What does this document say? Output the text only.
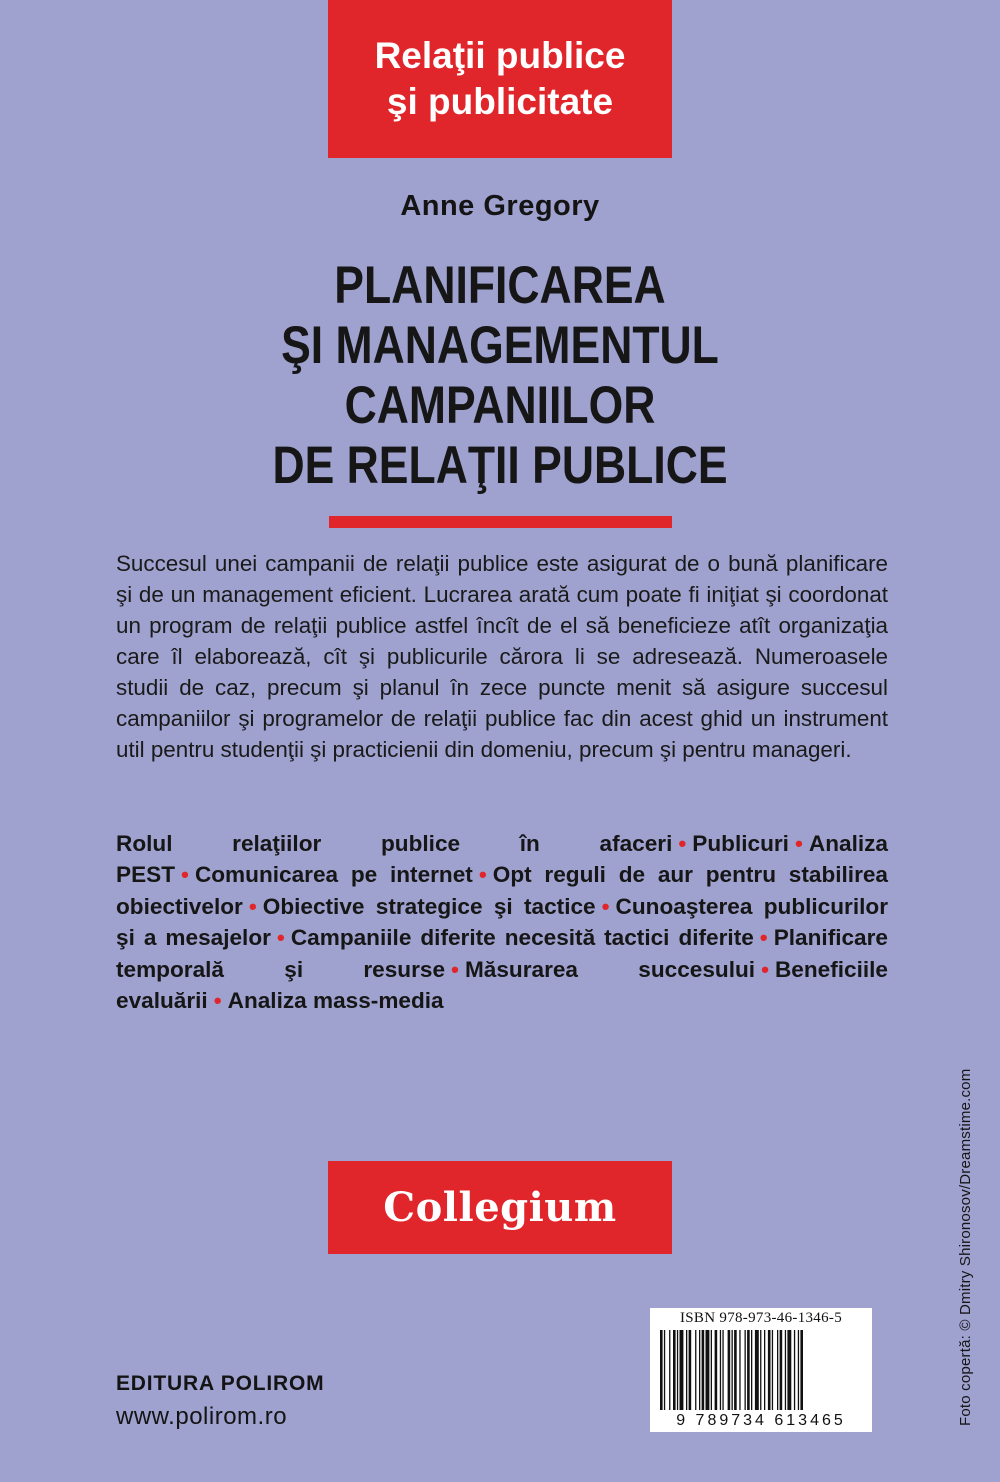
Relaţii publice
şi publicitate
Anne Gregory
PLANIFICAREA
ŞI MANAGEMENTUL
CAMPANIILOR
DE RELAŢII PUBLICE

Succesul unei campanii de relaţii publice este asigurat de o bună planificare şi de un management eficient. Lucrarea arată cum poate fi iniţiat şi coordonat un program de relaţii publice astfel încît de el să beneficieze atît organizaţia care îl elaborează, cît şi publicurile cărora li se adresează. Numeroasele studii de caz, precum şi planul în zece puncte menit să asigure succesul campaniilor şi programelor de relaţii publice fac din acest ghid un instrument util pentru studenţii şi practicienii din domeniu, precum şi pentru manageri.

Rolul relaţiilor publice în afaceri • Publicuri • Analiza PEST • Comunicarea pe internet • Opt reguli de aur pentru stabilirea obiectivelor • Obiective strategice şi tactice • Cunoaşterea publicurilor şi a mesajelor • Campaniile diferite necesită tactici diferite • Planificare temporală şi resurse • Măsurarea succesului • Beneficiile evaluării • Analiza mass-media

Collegium
ISBN 978-973-46-1346-5
9 789734 613465
EDITURA POLIROM
www.polirom.ro	Foto copertă: © Dmitry Shironosov/Dreamstime.com
